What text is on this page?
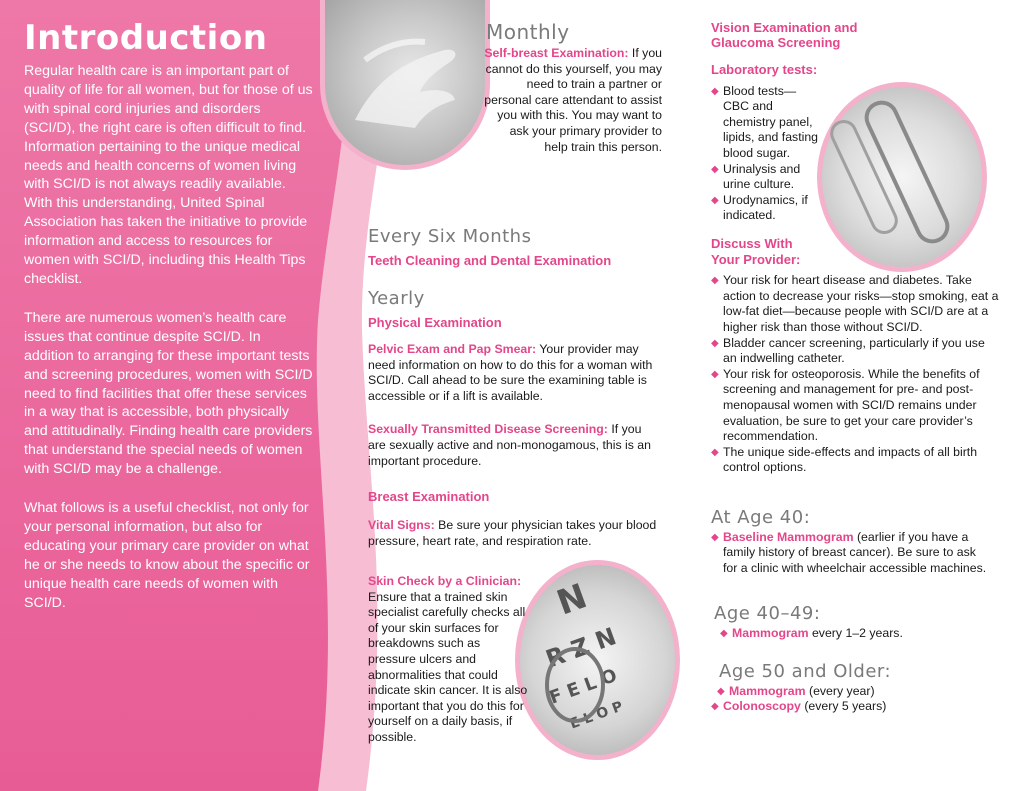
N
R Z N
F E L O
E L O P
Introduction

Regular health care is an important part of quality of life for all women, but for those of us with spinal cord injuries and disorders (SCI/D), the right care is often difficult to find. Information pertaining to the unique medical needs and health concerns of women living with SCI/D is not always readily available. With this understanding, United Spinal Association has taken the initiative to provide information and access to resources for women with SCI/D, including this Health Tips checklist.

There are numerous women’s health care issues that continue despite SCI/D. In addition to arranging for these important tests and screening procedures, women with SCI/D need to find facilities that offer these services in a way that is accessible, both physically and attitudinally. Finding health care providers that understand the special needs of women with SCI/D may be a challenge.

What follows is a useful checklist, not only for your personal information, but also for educating your primary care provider on what he or she needs to know about the specific or unique health care needs of women with SCI/D.

Monthly
Self-breast Examination: If you cannot do this yourself, you may need to train a partner or personal care attendant to assist you with this. You may want to ask your primary provider to help train this person.
Every Six Months
Teeth Cleaning and Dental Examination
Yearly
Physical Examination
Pelvic Exam and Pap Smear: Your provider may need information on how to do this for a woman with SCI/D. Call ahead to be sure the examining table is accessible or if a lift is available.
Sexually Transmitted Disease Screening: If you are sexually active and non-monogamous, this is an important procedure.
Breast Examination
Vital Signs: Be sure your physician takes your blood pressure, heart rate, and respiration rate.
Skin Check by a Clinician:
Ensure that a trained skin specialist carefully checks all of your skin surfaces for breakdowns such as pressure ulcers and abnormalities that could indicate skin cancer. It is also important that you do this for yourself on a daily basis, if possible.
Vision Examination and Glaucoma Screening
Laboratory tests:
◆ Blood tests—CBC and chemistry panel, lipids, and fasting blood sugar.
◆ Urinalysis and urine culture.
◆ Urodynamics, if indicated.
Discuss With Your Provider:
◆ Your risk for heart disease and diabetes. Take action to decrease your risks—stop smoking, eat a low-fat diet—because people with SCI/D are at a higher risk than those without SCI/D.
◆ Bladder cancer screening, particularly if you use an indwelling catheter.
◆ Your risk for osteoporosis. While the benefits of screening and management for pre- and post-menopausal women with SCI/D remains under evaluation, be sure to get your care provider’s recommendation.
◆ The unique side-effects and impacts of all birth control options.
At Age 40:
◆ Baseline Mammogram (earlier if you have a family history of breast cancer). Be sure to ask for a clinic with wheelchair accessible machines.
Age 40–49:
◆ Mammogram every 1–2 years.
Age 50 and Older:
◆ Mammogram (every year)
◆ Colonoscopy (every 5 years)
